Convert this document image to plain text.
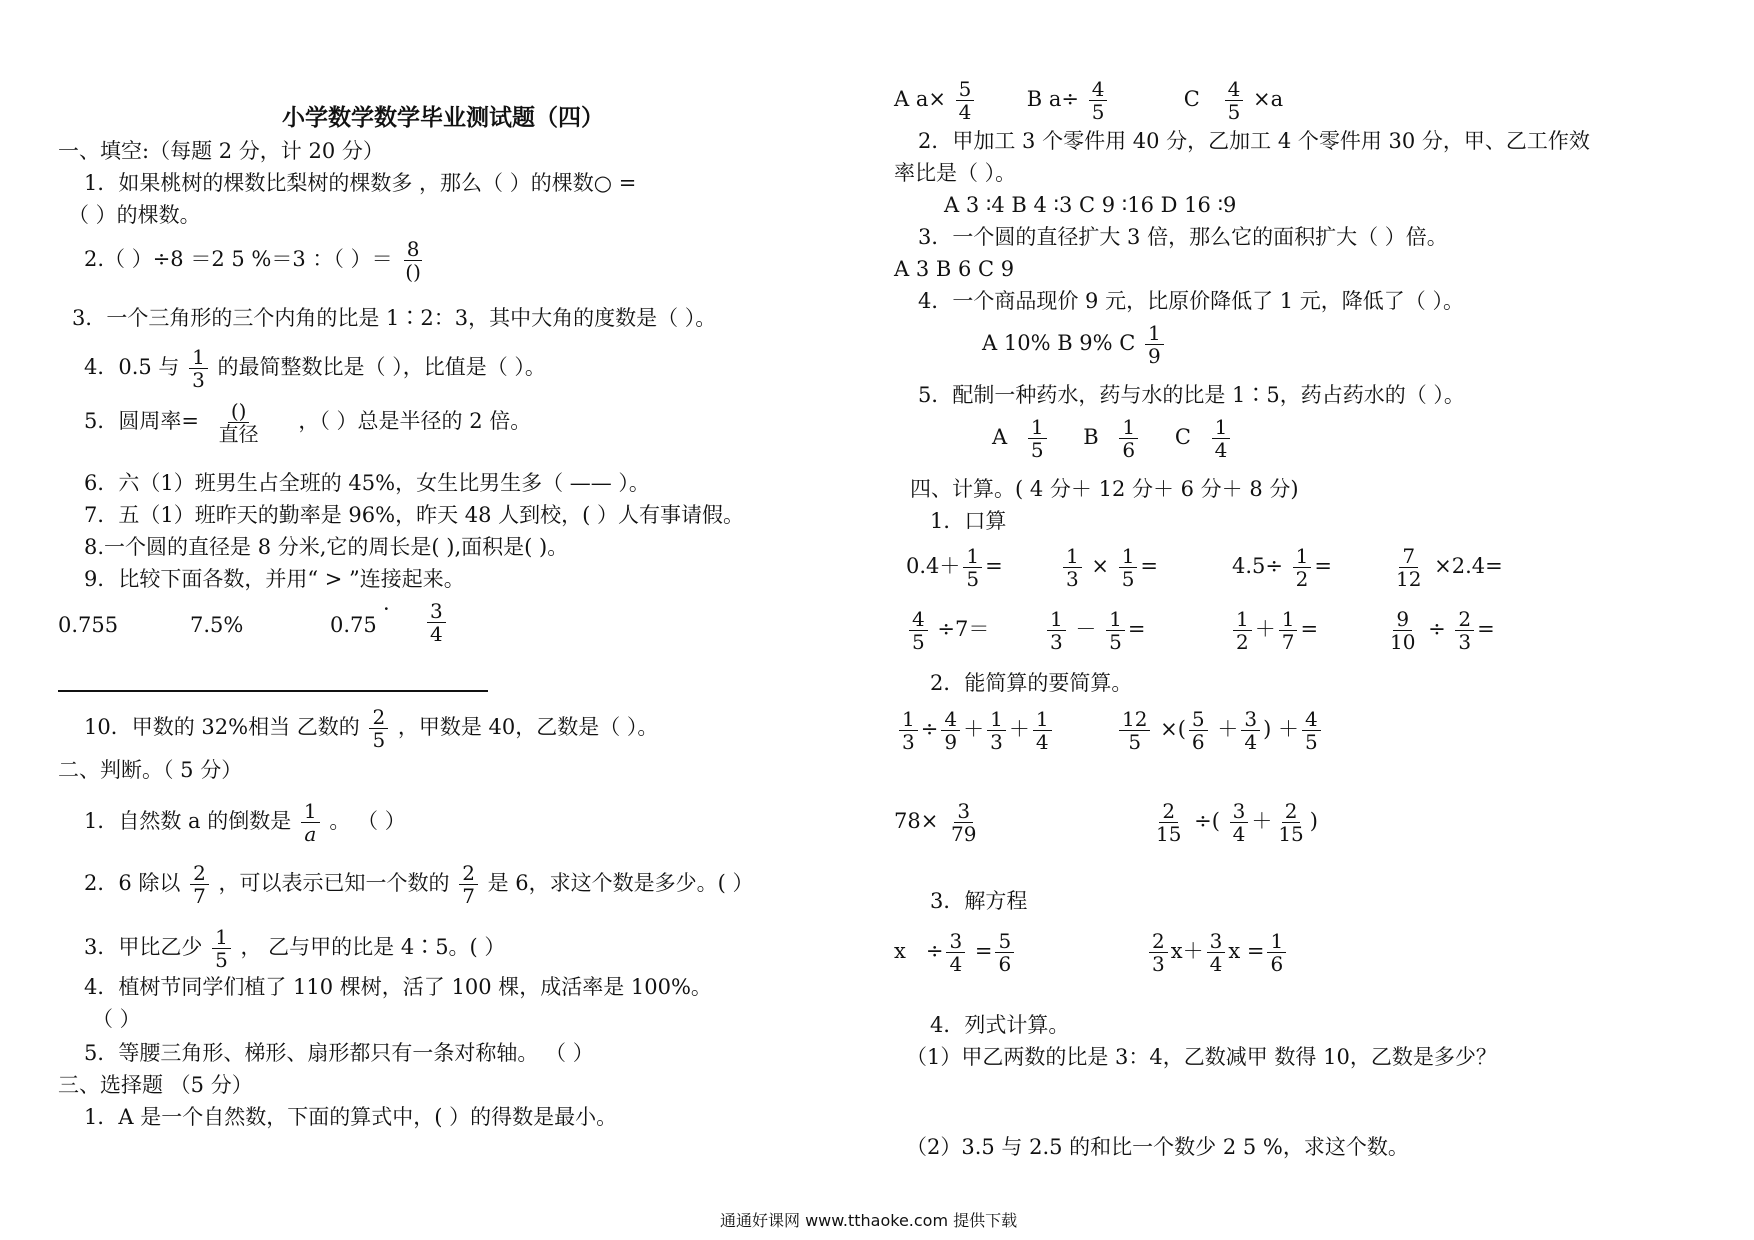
小学数学数学毕业测试题（四）
一、填空:（每题 2 分，计 20 分）
1．如果桃树的棵数比梨树的棵数多 ，那么（ ）的棵数○ =
（ ）的棵数。
2.（ ）÷8 ＝2 5 %＝3 ：（ ）＝ 8
()
3．一个三角形的三个内角的比是 1∶2：3，其中大角的度数是（ ）。
4．0.5 与 $\frac{1}{3}$ 的最简整数比是（ ），比值是（ ）。
5．圆周率= ()
直径
，（ ）总是半径的 2 倍。
6．六（1）班男生占全班的 45%，女生比男生多（ —— ）。
7．五（1）班昨天的勤率是 96%，昨天 48 人到校，( ）人有事请假。
8.一个圆的直径是 8 分米,它的周长是( ),面积是( )。
9．比较下面各数，并用“ > ”连接起来。
0.755	7.5%	0.75
· $\frac{3}{4}$
10．甲数的 32%相当 乙数的 $\frac{2}{5}$ ，甲数是 40，乙数是（ ）。
二、判断。（ 5 分）
1．自然数 a 的倒数是 $\frac{1}{a}$ 。 （ ）
2．6 除以 $\frac{2}{7}$ ，可以表示已知一个数的 $\frac{2}{7}$ 是 6，求这个数是多少。( ）
3．甲比乙少 $\frac{1}{5}$ ， 乙与甲的比是 4∶5。( ）
4．植树节同学们植了 110 棵树，活了 100 棵，成活率是 100%。
（ ）
5．等腰三角形、梯形、扇形都只有一条对称轴。 （ ）
三、选择题 （5 分）
1．A 是一个自然数，下面的算式中，( ）的得数是最小。
A $a\times \frac{5}{4}$ B $a\div \frac{4}{5}$	C $\frac{4}{5} \times a$
2．甲加工 3 个零件用 40 分，乙加工 4 个零件用 30 分，甲、乙工作效
率比是（ ）。
A 3 ∶4 B 4 ∶3 C 9 ∶16 D 16 ∶9
3．一个圆的直径扩大 3 倍，那么它的面积扩大（ ）倍。
A 3 B 6 C 9
4．一个商品现价 9 元，比原价降低了 1 元，降低了（ ）。
A 10% B 9% C $\frac{1}{9}$
5．配制一种药水，药与水的比是 1∶5，药占药水的（ ）。
A $\frac{1}{5}$ B $\frac{1}{6}$ C $\frac{1}{4}$
四、计算。( 4 分＋ 12 分＋ 6 分＋ 8 分)
1．口算
$0.4+ \frac{1}{5}$ =	$\frac{1}{3} \times \frac{1}{5}$ =	$4.5\div \frac{1}{2}$ =	$\frac{7}{12} \times 2.4=$
$\frac{4}{5} \div 7=$	$\frac{1}{3} - \frac{1}{5}$ =	$\frac{1}{2} + \frac{1}{7}$ =	$\frac{9}{10} \div \frac{2}{3}$ =
2．能简算的要简算。
$\frac{1}{3} \div \frac{4}{9} + \frac{1}{3} + \frac{1}{4}$	$\frac{12}{5}$ ×( $\frac{5}{6} + \frac{3}{4}$ ) ＋ $\frac{4}{5}$
$78\times \frac{3}{79}$	$\frac{2}{15}$ ÷( $\frac{3}{4} + \frac{2}{15}$ )
3．解方程
$x \div \frac{3}{4} = \frac{5}{6}$	$\frac{2}{3} x+ \frac{3}{4}$ $x = \frac{1}{6}$
4．列式计算。
（1）甲乙两数的比是 3：4，乙数减甲 数得 10，乙数是多少？
（2）3.5 与 2.5 的和比一个数少 2 5 %，求这个数。
通通好课网 www.tthaoke.com 提供下载
